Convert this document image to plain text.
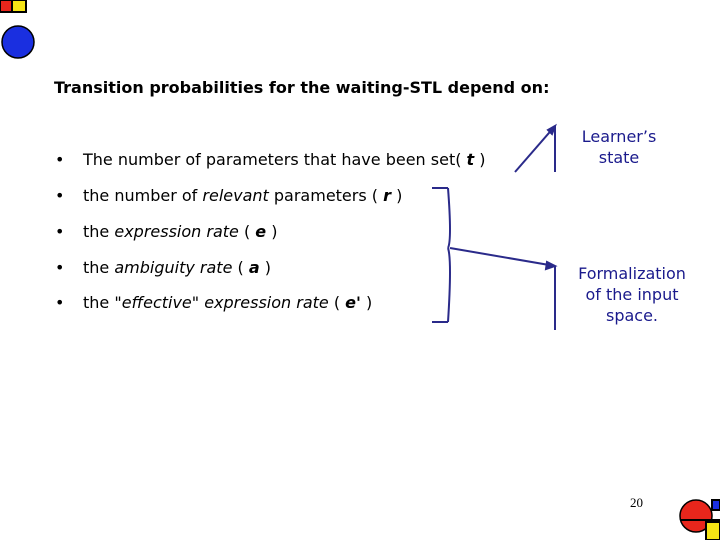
Transition probabilities for the waiting-STL depend on:
• The number of parameters that have been set( t )
• the number of relevant parameters ( r )
• the expression rate ( e )
• the ambiguity rate ( a )
• the "effective" expression rate ( e' )
Learner’s
state
Formalization
of the input
space.
20
